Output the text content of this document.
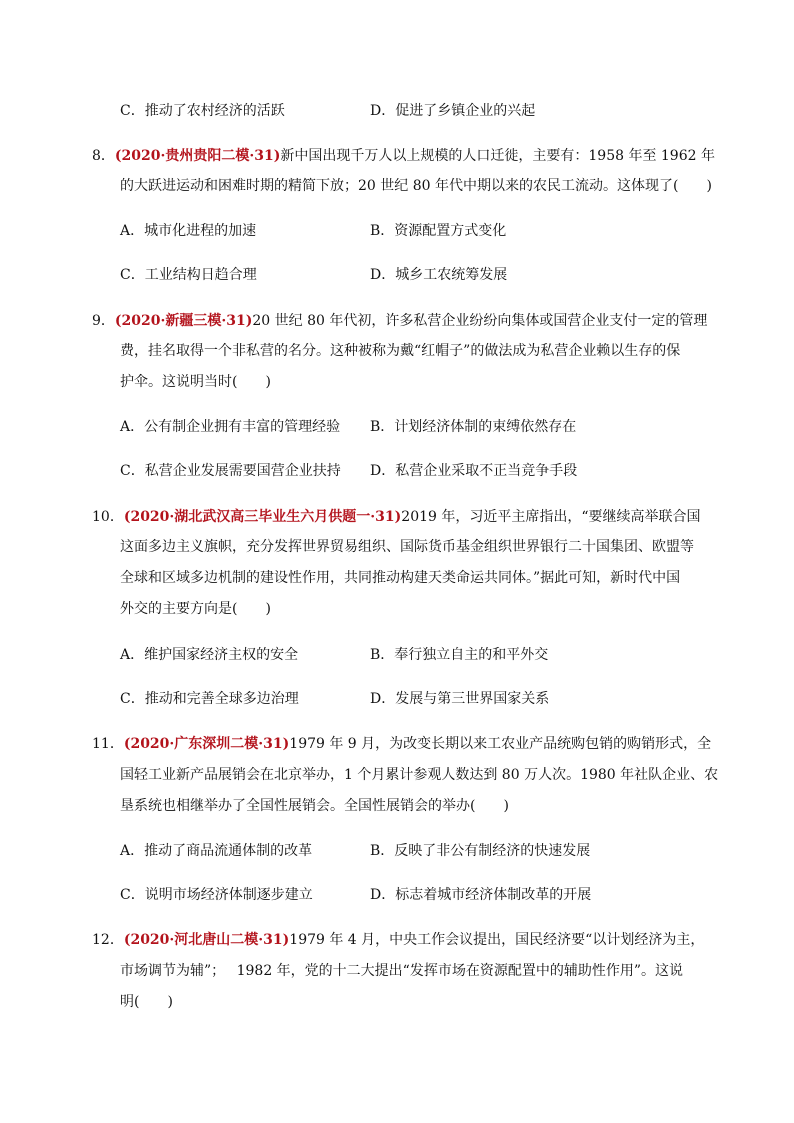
C．推动了农村经济的活跃	D．促进了乡镇企业的兴起
8．(2020·贵州贵阳二模·31)新中国出现千万人以上规模的人口迁徙，主要有：1958 年至 1962 年
的大跃进运动和困难时期的精简下放；20 世纪 80 年代中期以来的农民工流动。这体现了(　　)
A．城市化进程的加速	B．资源配置方式变化
C．工业结构日趋合理	D．城乡工农统筹发展
9．(2020·新疆三模·31)20 世纪 80 年代初，许多私营企业纷纷向集体或国营企业支付一定的管理
费，挂名取得一个非私营的名分。这种被称为戴“红帽子”的做法成为私营企业赖以生存的保
护伞。这说明当时(　　)
A．公有制企业拥有丰富的管理经验 B．计划经济体制的束缚依然存在
C．私营企业发展需要国营企业扶持 D．私营企业采取不正当竞争手段
10．(2020·湖北武汉高三毕业生六月供题一·31)2019 年，习近平主席指出，“要继续高举联合国
这面多边主义旗帜，充分发挥世界贸易组织、国际货币基金组织世界银行二十国集团、欧盟等
全球和区域多边机制的建设性作用，共同推动构建天类命运共同体。”据此可知，新时代中国
外交的主要方向是(　　)
A．维护国家经济主权的安全	B．奉行独立自主的和平外交
C．推动和完善全球多边治理	D．发展与第三世界国家关系
11．(2020·广东深圳二模·31)1979 年 9 月，为改变长期以来工农业产品统购包销的购销形式，全
国轻工业新产品展销会在北京举办，1 个月累计参观人数达到 80 万人次。1980 年社队企业、农
垦系统也相继举办了全国性展销会。全国性展销会的举办(　　)
A．推动了商品流通体制的改革	B．反映了非公有制经济的快速发展
C．说明市场经济体制逐步建立	D．标志着城市经济体制改革的开展
12．(2020·河北唐山二模·31)1979 年 4 月，中央工作会议提出，国民经济要“以计划经济为主，
市场调节为辅”；　 1982 年，党的十二大提出“发挥市场在资源配置中的辅助性作用”。这说
明(　　)
